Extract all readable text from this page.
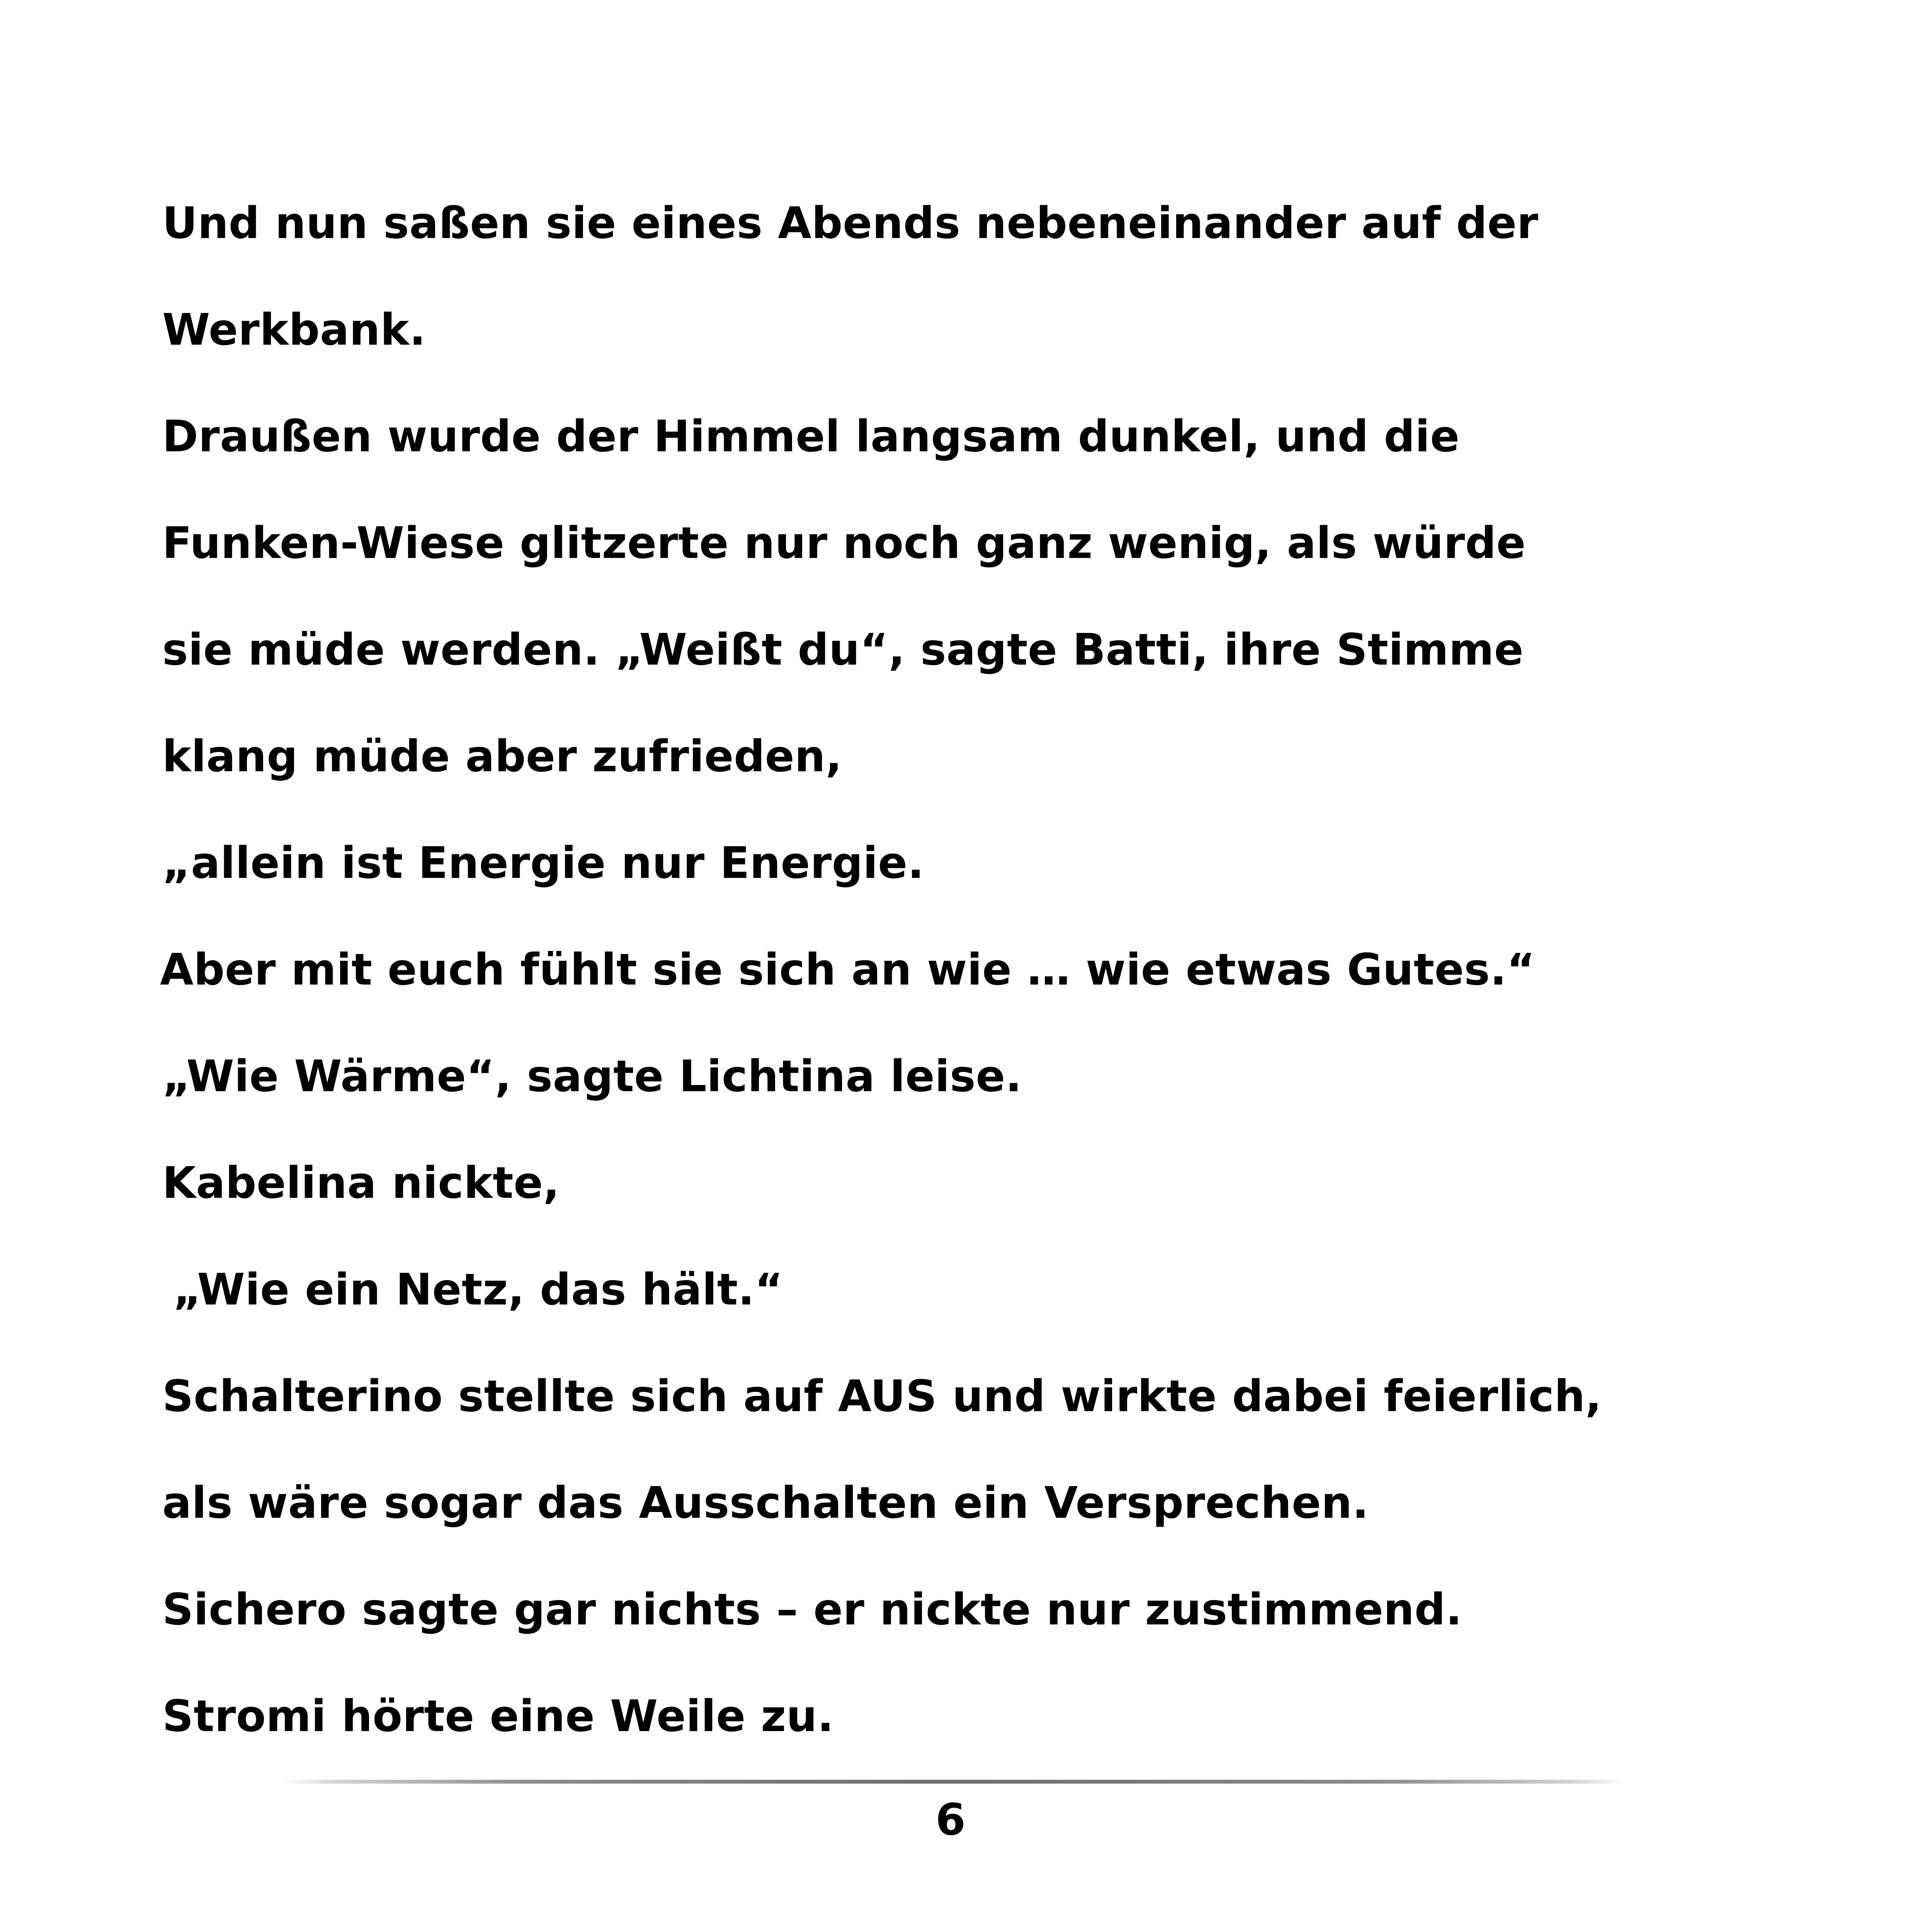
Und nun saßen sie eines Abends nebeneinander auf der
Werkbank.
Draußen wurde der Himmel langsam dunkel, und die
Funken-Wiese glitzerte nur noch ganz wenig, als würde
sie müde werden. „Weißt du“, sagte Batti, ihre Stimme
klang müde aber zufrieden,
„allein ist Energie nur Energie.
Aber mit euch fühlt sie sich an wie … wie etwas Gutes.“
„Wie Wärme“, sagte Lichtina leise.
Kabelina nickte,
„Wie ein Netz, das hält.“
Schalterino stellte sich auf AUS und wirkte dabei feierlich,
als wäre sogar das Ausschalten ein Versprechen.
Sichero sagte gar nichts – er nickte nur zustimmend.
Stromi hörte eine Weile zu.
6
